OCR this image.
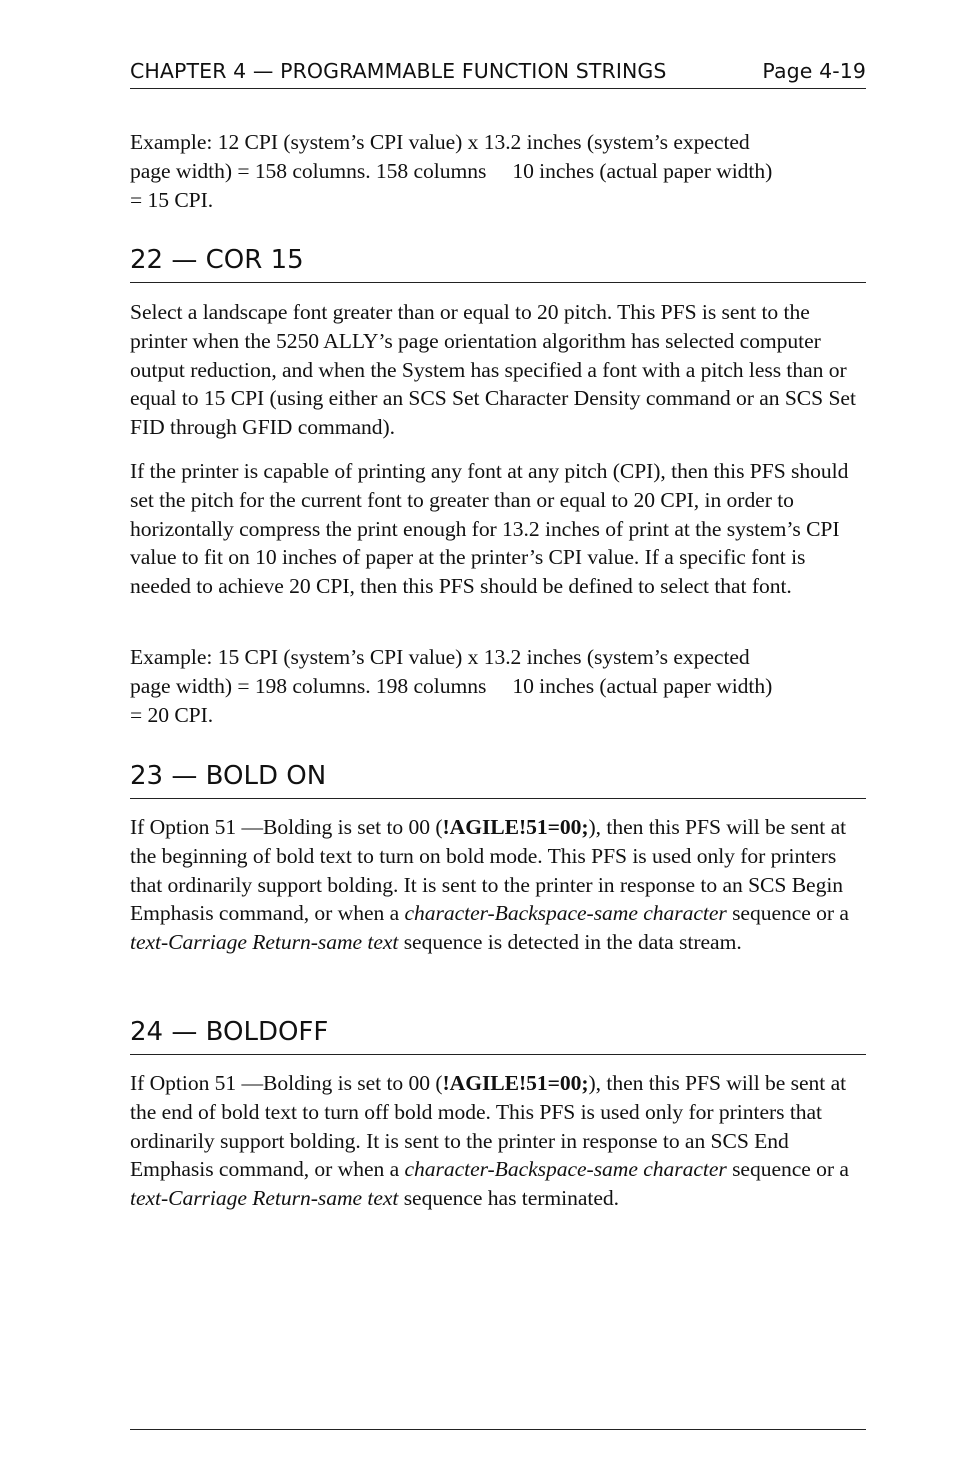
CHAPTER 4 — PROGRAMMABLE FUNCTION STRINGS	Page 4-19

Example: 12 CPI (system’s CPI value) x 13.2 inches (system’s expected
page width) = 158 columns. 158 columns 10 inches (actual paper width)
= 15 CPI.

22 — COR 15

Select a landscape font greater than or equal to 20 pitch. This PFS is sent to the printer when the 5250 ALLY’s page orientation algorithm has selected computer output reduction, and when the System has specified a font with a pitch less than or equal to 15 CPI (using either an SCS Set Character Density command or an SCS Set FID through GFID command).

If the printer is capable of printing any font at any pitch (CPI), then this PFS should set the pitch for the current font to greater than or equal to 20 CPI, in order to horizontally compress the print enough for 13.2 inches of print at the system’s CPI value to fit on 10 inches of paper at the printer’s CPI value. If a specific font is needed to achieve 20 CPI, then this PFS should be defined to select that font.

Example: 15 CPI (system’s CPI value) x 13.2 inches (system’s expected
page width) = 198 columns. 198 columns 10 inches (actual paper width)
= 20 CPI.

23 — BOLD ON

If Option 51 —Bolding is set to 00 (!AGILE!51=00;), then this PFS will be sent at the beginning of bold text to turn on bold mode. This PFS is used only for printers that ordinarily support bolding. It is sent to the printer in response to an SCS Begin Emphasis command, or when a character-Backspace-same character sequence or a text-Carriage Return-same text sequence is detected in the data stream.

24 — BOLDOFF

If Option 51 —Bolding is set to 00 (!AGILE!51=00;), then this PFS will be sent at the end of bold text to turn off bold mode. This PFS is used only for printers that ordinarily support bolding. It is sent to the printer in response to an SCS End Emphasis command, or when a character-Backspace-same character sequence or a text-Carriage Return-same text sequence has terminated.
